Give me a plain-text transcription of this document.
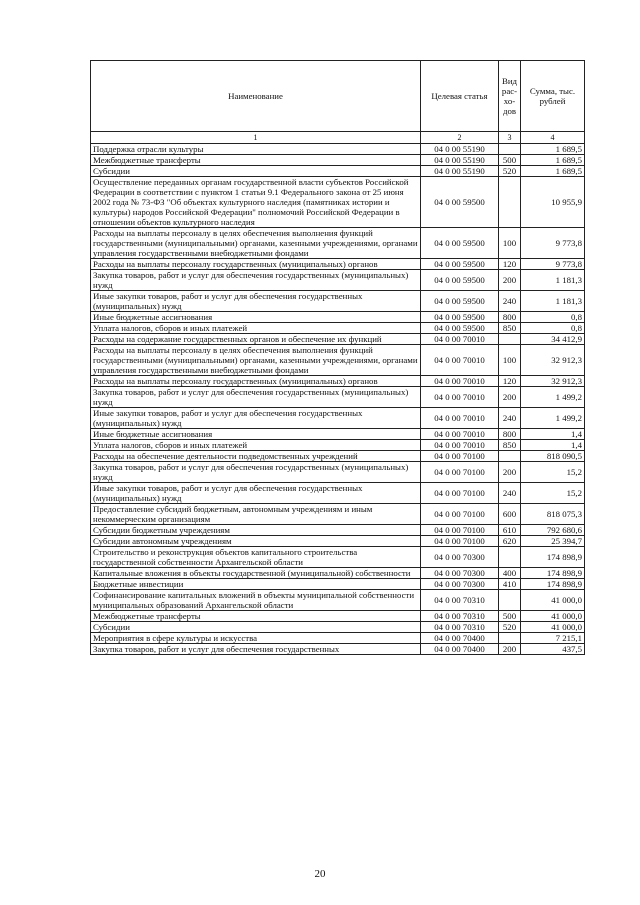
Наименование	Целевая статья	Вид рас- хо- дов	Сумма, тыс. рублей
1	2	3	4
Поддержка отрасли культуры	04 0 00 55190		1 689,5
Межбюджетные трансферты	04 0 00 55190	500	1 689,5
Субсидии	04 0 00 55190	520	1 689,5
Осуществление переданных органам государственной власти субъектов Российской Федерации в соответствии с пунктом 1 статьи 9.1 Федерального закона от 25 июня 2002 года № 73-ФЗ "Об объектах культурного наследия (памятниках истории и культуры) народов Российской Федерации" полномочий Российской Федерации в отношении объектов культурного наследия	04 0 00 59500		10 955,9
Расходы на выплаты персоналу в целях обеспечения выполнения функций государственными (муниципальными) органами, казенными учреждениями, органами управления государственными внебюджетными фондами	04 0 00 59500	100	9 773,8
Расходы на выплаты персоналу государственных (муниципальных) органов	04 0 00 59500	120	9 773,8
Закупка товаров, работ и услуг для обеспечения государственных (муниципальных) нужд	04 0 00 59500	200	1 181,3
Иные закупки товаров, работ и услуг для обеспечения государственных (муниципальных) нужд	04 0 00 59500	240	1 181,3
Иные бюджетные ассигнования	04 0 00 59500	800	0,8
Уплата налогов, сборов и иных платежей	04 0 00 59500	850	0,8
Расходы на содержание государственных органов и обеспечение их функций	04 0 00 70010		34 412,9
Расходы на выплаты персоналу в целях обеспечения выполнения функций государственными (муниципальными) органами, казенными учреждениями, органами управления государственными внебюджетными фондами	04 0 00 70010	100	32 912,3
Расходы на выплаты персоналу государственных (муниципальных) органов	04 0 00 70010	120	32 912,3
Закупка товаров, работ и услуг для обеспечения государственных (муниципальных) нужд	04 0 00 70010	200	1 499,2
Иные закупки товаров, работ и услуг для обеспечения государственных (муниципальных) нужд	04 0 00 70010	240	1 499,2
Иные бюджетные ассигнования	04 0 00 70010	800	1,4
Уплата налогов, сборов и иных платежей	04 0 00 70010	850	1,4
Расходы на обеспечение деятельности подведомственных учреждений	04 0 00 70100		818 090,5
Закупка товаров, работ и услуг для обеспечения государственных (муниципальных) нужд	04 0 00 70100	200	15,2
Иные закупки товаров, работ и услуг для обеспечения государственных (муниципальных) нужд	04 0 00 70100	240	15,2
Предоставление субсидий бюджетным, автономным учреждениям и иным некоммерческим организациям	04 0 00 70100	600	818 075,3
Субсидии бюджетным учреждениям	04 0 00 70100	610	792 680,6
Субсидии автономным учреждениям	04 0 00 70100	620	25 394,7
Строительство и реконструкция объектов капитального строительства государственной собственности Архангельской области	04 0 00 70300		174 898,9
Капитальные вложения в объекты государственной (муниципальной) собственности	04 0 00 70300	400	174 898,9
Бюджетные инвестиции	04 0 00 70300	410	174 898,9
Софинансирование капитальных вложений в объекты муниципальной собственности муниципальных образований Архангельской области	04 0 00 70310		41 000,0
Межбюджетные трансферты	04 0 00 70310	500	41 000,0
Субсидии	04 0 00 70310	520	41 000,0
Мероприятия в сфере культуры и искусства	04 0 00 70400		7 215,1
Закупка товаров, работ и услуг для обеспечения государственных	04 0 00 70400	200	437,5
20
